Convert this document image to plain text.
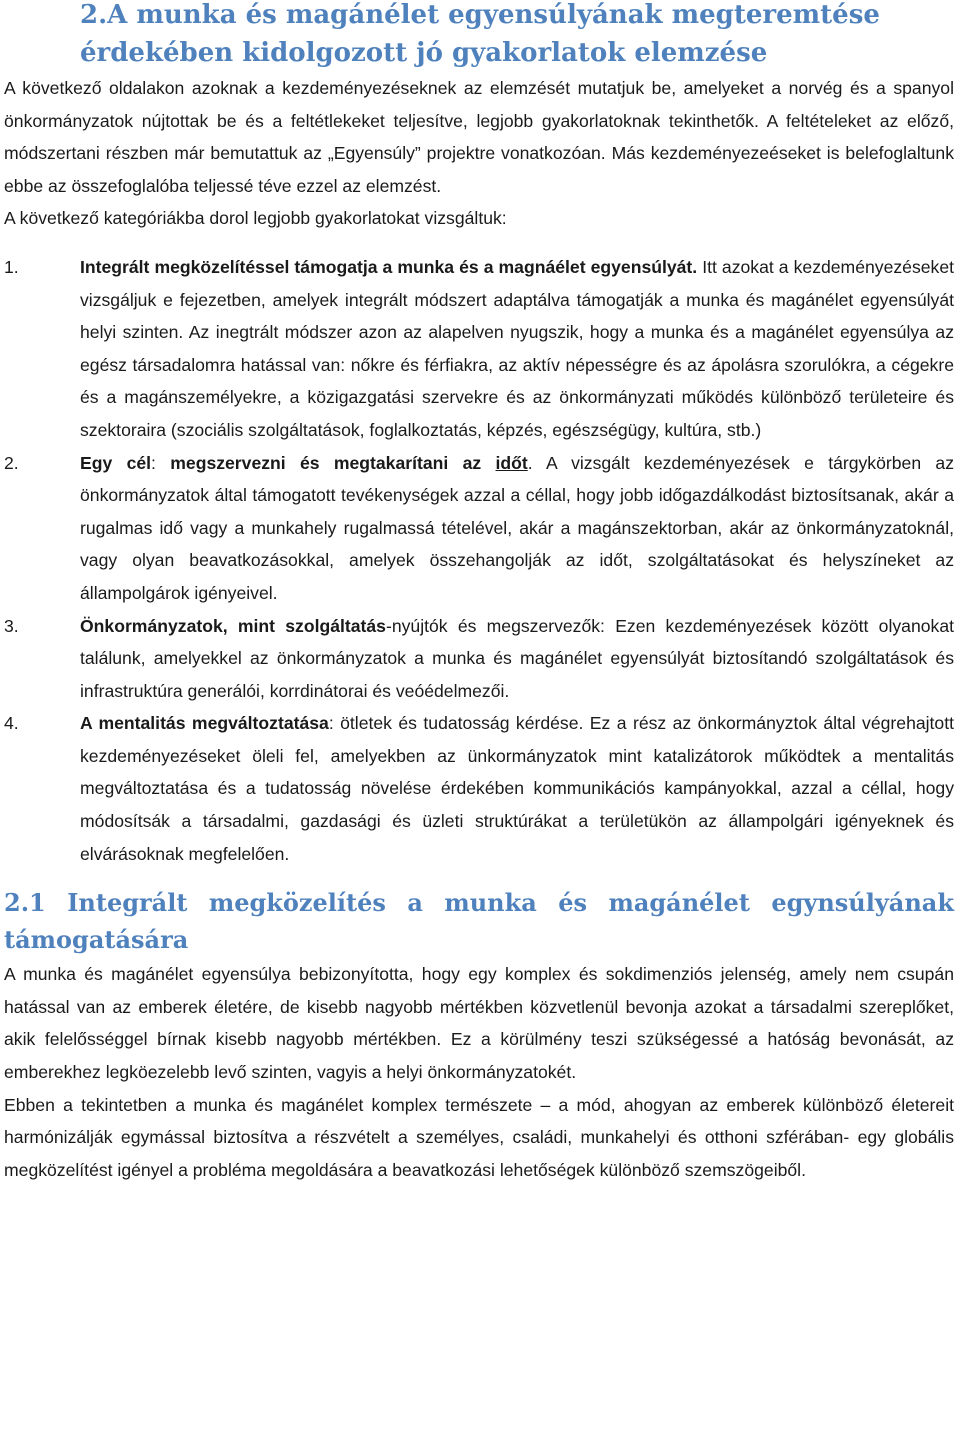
2.A munka és magánélet egyensúlyának megteremtése
érdekében kidolgozott jó gyakorlatok elemzése

A következő oldalakon azoknak a kezdeményezéseknek az elemzését mutatjuk be, amelyeket a norvég és a spanyol önkormányzatok nújtottak be és a feltétlekeket teljesítve, legjobb gyakorlatoknak tekinthetők. A feltételeket az előző, módszertani részben már bemutattuk az „Egyensúly” projektre vonatkozóan. Más kezdeményezeéseket is belefoglaltunk ebbe az összefoglalóba teljessé téve ezzel az elemzést.

A következő kategóriákba dorol legjobb gyakorlatokat vizsgáltuk:

1.	Integrált megközelítéssel támogatja a munka és a magnáélet egyensúlyát. Itt azokat a kezdeményezéseket vizsgáljuk e fejezetben, amelyek integrált módszert adaptálva támogatják a munka és magánélet egyensúlyát helyi szinten. Az inegtrált módszer azon az alapelven nyugszik, hogy a munka és a magánélet egyensúlya az egész társadalomra hatással van: nőkre és férfiakra, az aktív népességre és az ápolásra szorulókra, a cégekre és a magánszemélyekre, a közigazgatási szervekre és az önkormányzati működés különböző területeire és szektoraira (szociális szolgáltatások, foglalkoztatás, képzés, egészségügy, kultúra, stb.)
2.	Egy cél: megszervezni és megtakarítani az időt. A vizsgált kezdeményezések e tárgykörben az önkormányzatok által támogatott tevékenységek azzal a céllal, hogy jobb időgazdálkodást biztosítsanak, akár a rugalmas idő vagy a munkahely rugalmassá tételével, akár a magánszektorban, akár az önkormányzatoknál, vagy olyan beavatkozásokkal, amelyek összehangolják az időt, szolgáltatásokat és helyszíneket az állampolgárok igényeivel.
3.	Önkormányzatok, mint szolgáltatás-nyújtók és megszervezők: Ezen kezdeményezések között olyanokat találunk, amelyekkel az önkormányzatok a munka és magánélet egyensúlyát biztosítandó szolgáltatások és infrastruktúra generálói, korrdinátorai és veóédelmezői.
4.	A mentalitás megváltoztatása: ötletek és tudatosság kérdése. Ez a rész az önkormányztok által végrehajtott kezdeményezéseket öleli fel, amelyekben az ünkormányzatok mint katalizátorok működtek a mentalitás megváltoztatása és a tudatosság növelése érdekében kommunikációs kampányokkal, azzal a céllal, hogy módosítsák a társadalmi, gazdasági és üzleti struktúrákat a területükön az állampolgári igényeknek és elvárásoknak megfelelően.
2.1 Integrált megközelítés a munka és magánélet egynsúlyának
támogatására

A munka és magánélet egyensúlya bebizonyította, hogy egy komplex és sokdimenziós jelenség, amely nem csupán hatással van az emberek életére, de kisebb nagyobb mértékben közvetlenül bevonja azokat a társadalmi szereplőket, akik felelősséggel bírnak kisebb nagyobb mértékben. Ez a körülmény teszi szükségessé a hatóság bevonását, az emberekhez legköezelebb levő szinten, vagyis a helyi önkormányzatokét.

Ebben a tekintetben a munka és magánélet komplex természete – a mód, ahogyan az emberek különböző életereit harmónizálják egymással biztosítva a részvételt a személyes, családi, munkahelyi és otthoni szférában- egy globális megközelítést igényel a probléma megoldására a beavatkozási lehetőségek különböző szemszögeiből.
